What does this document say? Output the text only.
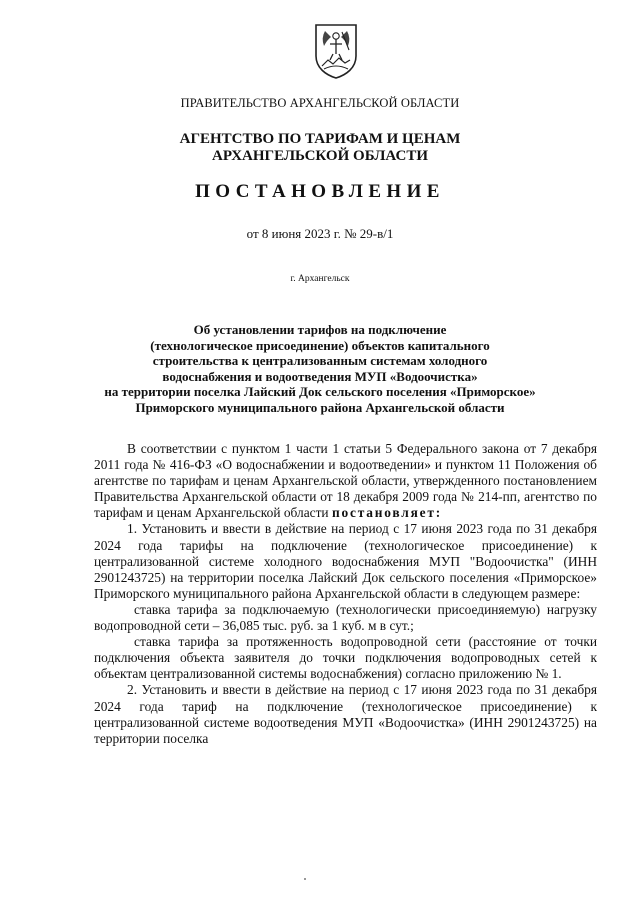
ПРАВИТЕЛЬСТВО АРХАНГЕЛЬСКОЙ ОБЛАСТИ
АГЕНТСТВО ПО ТАРИФАМ И ЦЕНАМ
АРХАНГЕЛЬСКОЙ ОБЛАСТИ
ПОСТАНОВЛЕНИЕ
от 8 июня 2023 г. № 29-в/1
г. Архангельск
Об установлении тарифов на подключение
(технологическое присоединение) объектов капитального
строительства к централизованным системам холодного
водоснабжения и водоотведения МУП «Водоочистка»
на территории поселка Лайский Док сельского поселения «Приморское»
Приморского муниципального района Архангельской области

В соответствии с пунктом 1 части 1 статьи 5 Федерального закона от 7 декабря 2011 года № 416-ФЗ «О водоснабжении и водоотведении» и пунктом 11 Положения об агентстве по тарифам и ценам Архангельской области, утвержденного постановлением Правительства Архангельской области от 18 декабря 2009 года № 214-пп, агентство по тарифам и ценам Архангельской области постановляет:

1. Установить и ввести в действие на период с 17 июня 2023 года по 31 декабря 2024 года тарифы на подключение (технологическое присоединение) к централизованной системе холодного водоснабжения МУП "Водоочистка" (ИНН 2901243725) на территории поселка Лайский Док сельского поселения «Приморское» Приморского муниципального района Архангельской области в следующем размере:

ставка тарифа за подключаемую (технологически присоединяемую) нагрузку водопроводной сети – 36,085 тыс. руб. за 1 куб. м в сут.;

ставка тарифа за протяженность водопроводной сети (расстояние от точки подключения объекта заявителя до точки подключения водопроводных сетей к объектам централизованной системы водоснабжения) согласно приложению № 1.

2. Установить и ввести в действие на период с 17 июня 2023 года по 31 декабря 2024 года тариф на подключение (технологическое присоединение) к централизованной системе водоотведения МУП «Водоочистка» (ИНН 2901243725) на территории поселка
